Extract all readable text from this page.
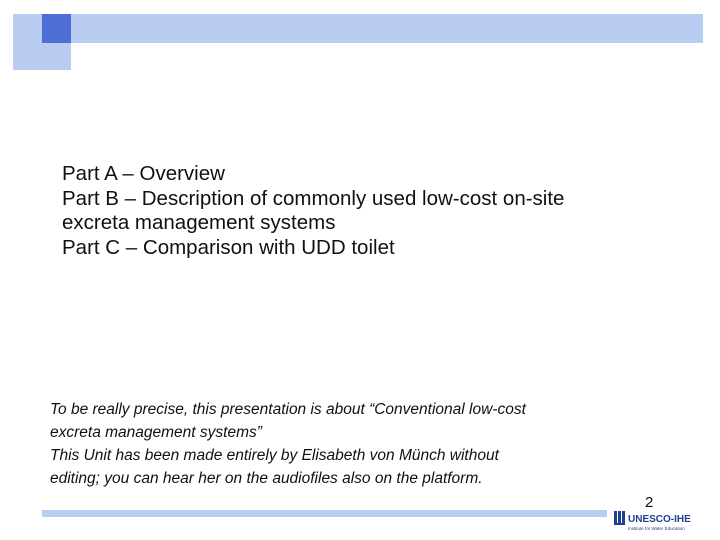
Part A – Overview
Part B – Description of commonly used low-cost on-site
excreta management systems
Part C – Comparison with UDD toilet
To be really precise, this presentation is about “Conventional low-cost
excreta management systems”
This Unit has been made entirely by Elisabeth von Münch without
editing; you can hear her on the audiofiles also on the platform.
2
UNESCO-IHE
Institute for Water Education
